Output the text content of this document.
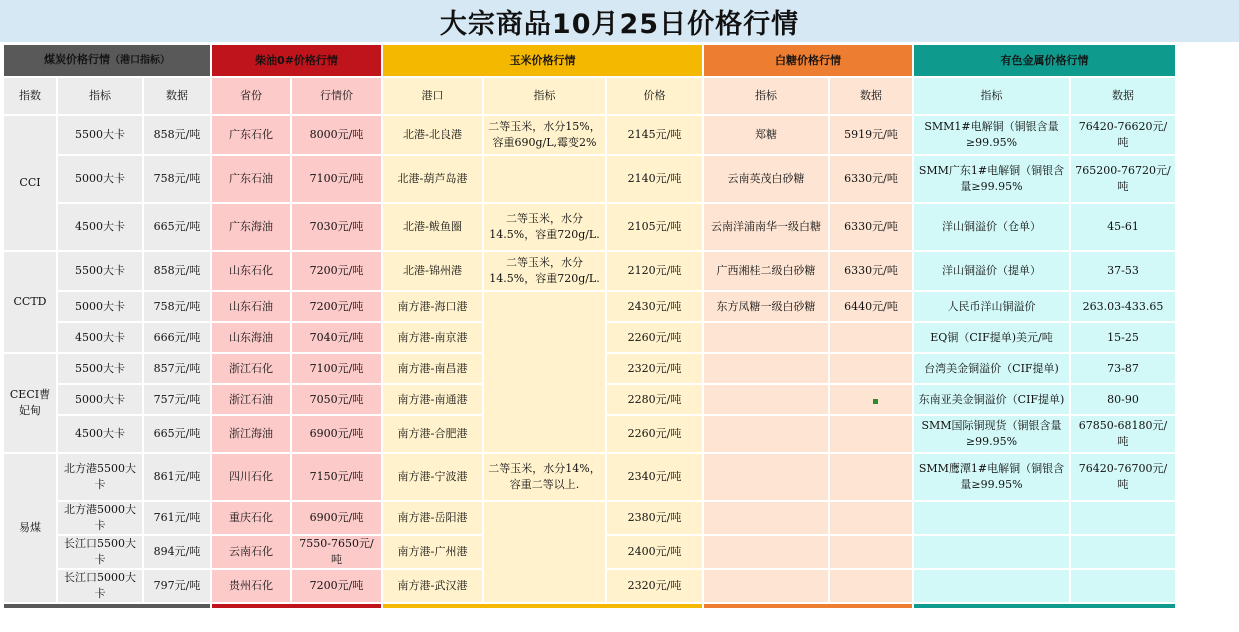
大宗商品10月25日价格行情
煤炭价格行情（港口指标）			柴油0#价格行情		玉米价格行情			白糖价格行情		有色金属价格行情	
指数	指标	数据	省份	行情价	港口	指标	价格	指标	数据	指标	数据
CCI	5500大卡	858元/吨	广东石化	8000元/吨	北港-北良港	二等玉米，水分15%，容重690g/L,霉变2%	2145元/吨	郑糖	5919元/吨	SMM1#电解铜（铜银含量≥99.95%	76420-76620元/吨
	5000大卡	758元/吨	广东石油	7100元/吨	北港-葫芦岛港		2140元/吨	云南英茂白砂糖	6330元/吨	SMM广东1#电解铜（铜银含量≥99.95%	765200-76720元/吨
	4500大卡	665元/吨	广东海油	7030元/吨	北港-鲅鱼圈	二等玉米，水分14.5%，容重720g/L.	2105元/吨	云南洋浦南华一级白糖	6330元/吨	洋山铜溢价（仓单）	45-61
CCTD	5500大卡	858元/吨	山东石化	7200元/吨	北港-锦州港	二等玉米，水分14.5%，容重720g/L.	2120元/吨	广西湘桂二级白砂糖	6330元/吨	洋山铜溢价（提单）	37-53
	5000大卡	758元/吨	山东石油	7200元/吨	南方港-海口港		2430元/吨	东方凤糖一级白砂糖	6440元/吨	人民币洋山铜溢价	263.03-433.65
	4500大卡	666元/吨	山东海油	7040元/吨	南方港-南京港		2260元/吨			EQ铜（CIF提单)美元/吨	15-25
CECI曹妃甸	5500大卡	857元/吨	浙江石化	7100元/吨	南方港-南昌港		2320元/吨			台湾美金铜溢价（CIF提单)	73-87
	5000大卡	757元/吨	浙江石油	7050元/吨	南方港-南通港		2280元/吨			东南亚美金铜溢价（CIF提单)	80-90
	4500大卡	665元/吨	浙江海油	6900元/吨	南方港-合肥港		2260元/吨			SMM国际铜现货（铜银含量≥99.95%	67850-68180元/吨
易煤	北方港5500大卡	861元/吨	四川石化	7150元/吨	南方港-宁波港	二等玉米，水分14%，容重二等以上.	2340元/吨			SMM鹰潭1#电解铜（铜银含量≥99.95%	76420-76700元/吨
	北方港5000大卡	761元/吨	重庆石化	6900元/吨	南方港-岳阳港		2380元/吨				
	长江口5500大卡	894元/吨	云南石化	7550-7650元/吨	南方港-广州港		2400元/吨				
	长江口5000大卡	797元/吨	贵州石化	7200元/吨	南方港-武汉港		2320元/吨				
